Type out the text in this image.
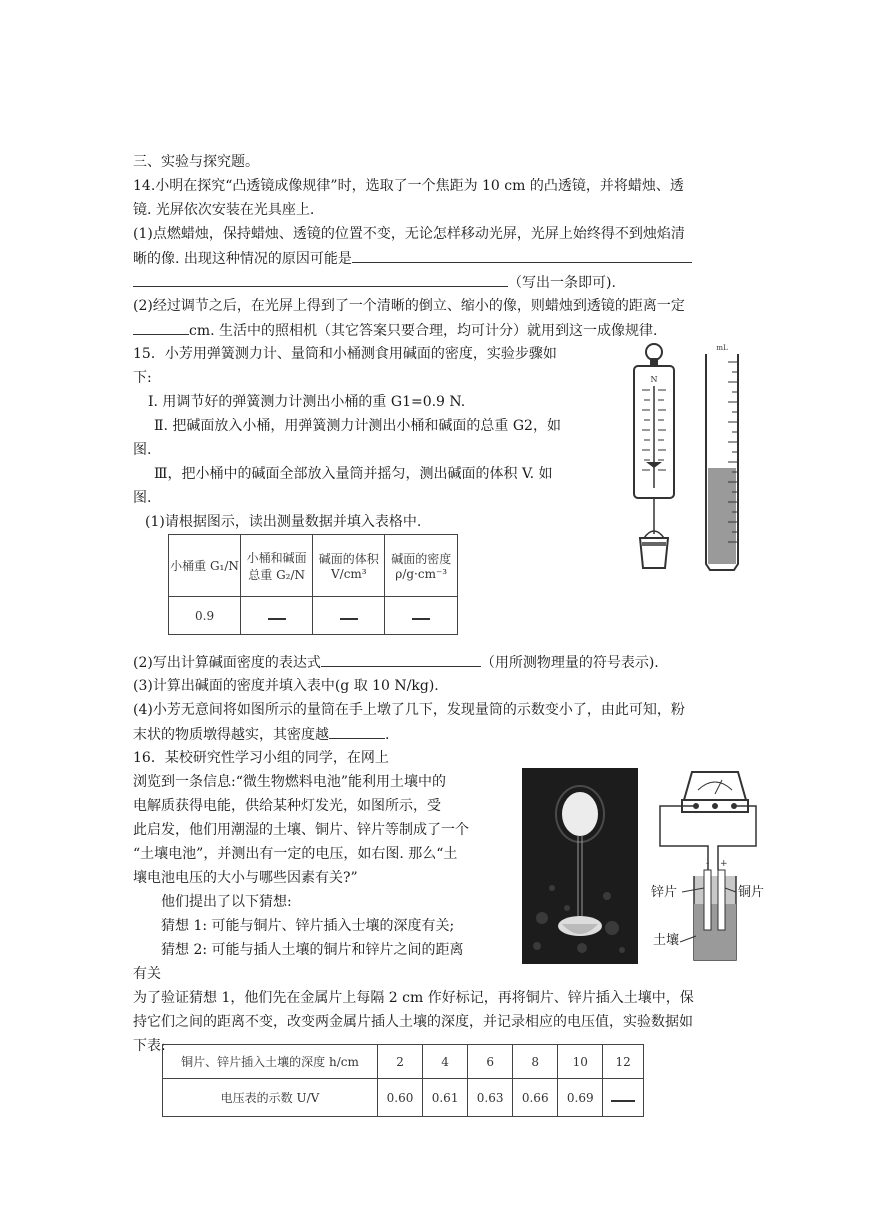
三、实验与探究题。
14.小明在探究“凸透镜成像规律”时，选取了一个焦距为 10 cm 的凸透镜，并将蜡烛、透
镜. 光屏依次安装在光具座上.
(1)点燃蜡烛，保持蜡烛、透镜的位置不变，无论怎样移动光屏，光屏上始终得不到烛焰清
晰的像. 出现这种情况的原因可能是
（写出一条即可).
(2)经过调节之后，在光屏上得到了一个清晰的倒立、缩小的像，则蜡烛到透镜的距离一定
cm. 生活中的照相机（其它答案只要合理，均可计分）就用到这一成像规律.
15．小芳用弹簧测力计、量筒和小桶测食用碱面的密度，实验步骤如
下:
Ⅰ. 用调节好的弹簧测力计测出小桶的重 G1=0.9 N.
Ⅱ. 把碱面放入小桶，用弹簧测力计测出小桶和碱面的总重 G2，如
图.
Ⅲ，把小桶中的碱面全部放入量筒并摇匀，测出碱面的体积 V. 如
图.
(1)请根据图示，读出测量数据并填入表格中.
小桶重 G₁/N	小桶和碱面总重 G₂/N	碱面的体积 V/cm³	碱面的密度 ρ/g·cm⁻³
0.9			
N
mL
(2)写出计算碱面密度的表达式	（用所测物理量的符号表示).
(3)计算出碱面的密度并填入表中(g 取 10 N/kg).
(4)小芳无意间将如图所示的量筒在手上墩了几下，发现量筒的示数变小了，由此可知，粉
末状的物质墩得越实，其密度越	.
16．某校研究性学习小组的同学，在网上
浏览到一条信息:“微生物燃料电池”能利用土壤中的
电解质获得电能，供给某种灯发光，如图所示，受
此启发，他们用潮湿的土壤、铜片、锌片等制成了一个
“土壤电池”，并测出有一定的电压，如右图. 那么“土
壤电池电压的大小与哪些因素有关?”
他们提出了以下猜想:
猜想 1: 可能与铜片、锌片插入士壤的深度有关;
猜想 2: 可能与插人土壤的铜片和锌片之间的距离
有关
为了验证猜想 1，他们先在金属片上每隔 2 cm 作好标记，再将铜片、锌片插入土壤中，保
持它们之间的距离不变，改变两金属片插人土壤的深度，并记录相应的电压值，实验数据如
下表:
- +
锌片	铜片
土壤
铜片、锌片插入土壤的深度 h/cm	2	4	6	8	10	12
电压表的示数 U/V	0.60	0.61	0.63	0.66	0.69	
